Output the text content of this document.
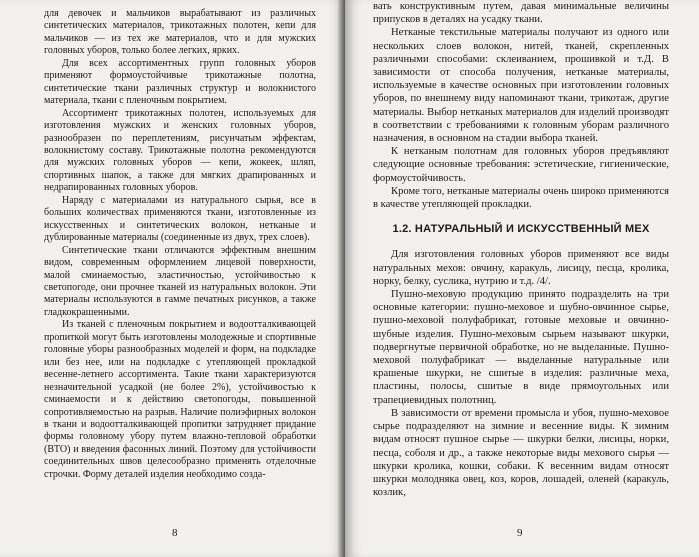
для девочек и мальчиков вырабатывают из различных синтетических материалов, трикотажных полотен, кепи для мальчиков — из тех же материалов, что и для мужских головных уборов, только более легких, ярких.

Для всех ассортиментных групп головных уборов применяют формоустойчивые трикотажные полотна, синтетические ткани различных структур и волокнистого материала, ткани с пленочным покрытием.

Ассортимент трикотажных полотен, используемых для изготовления мужских и женских головных уборов, разнообразен по переплетениям, рисунчатым эффектам, волокнистому составу. Трикотажные полотна рекомендуются для мужских головных уборов — кепи, жокеек, шляп, спортивных шапок, а также для мягких драпированных и недрапированных головных уборов.

Наряду с материалами из натурального сырья, все в больших количествах применяются ткани, изготовленные из искусственных и синтетических волокон, нетканые и дублированные материалы (соединенные из двух, трех слоев).

Синтетические ткани отличаются эффектным внешним видом, современным оформлением лицевой поверхности, малой сминаемостью, эластичностью, устойчивостью к светопогоде, они прочнее тканей из натуральных волокон. Эти материалы используются в гамме печатных рисунков, а также гладкокрашенными.

Из тканей с пленочным покрытием и водоотталкивающей пропиткой могут быть изготовлены молодежные и спортивные головные уборы разнообразных моделей и форм, на подкладке или без нее, или на подкладке с утепляющей прокладкой весенне-летнего ассортимента. Такие ткани характеризуются незначительной усадкой (не более 2%), устойчивостью к сминаемости и к действию светопогоды, повышенной сопротивляемостью на разрыв. Наличие полиэфирных волокон в ткани и водоотталкивающей пропитки затрудняет придание формы головному убору путем влажно-тепловой обработки (ВТО) и введения фасонных линий. Поэтому для устойчивости соединительных швов целесообразно применять отделочные строчки. Форму деталей изделия необходимо созда-

8

вать конструктивным путем, давая минимальные величины припусков в деталях на усадку ткани.

Нетканые текстильные материалы получают из одного или нескольких слоев волокон, нитей, тканей, скрепленных различными способами: склеиванием, прошивкой и т.Д. В зависимости от способа получения, нетканые материалы, используемые в качестве основных при изготовлении головных уборов, по внешнему виду напоминают ткани, трикотаж, другие материалы. Выбор нетканых материалов для изделий производят в соответствии с требованиями к головным уборам различного назначения, в основном на стадии выбора тканей.

К нетканым полотнам для головных уборов предъявляют следующие основные требования: эстетические, гигиенические, формоустойчивость.

Кроме того, нетканые материалы очень широко применяются в качестве утепляющей прокладки.

1.2. НАТУРАЛЬНЫЙ И ИСКУССТВЕННЫЙ МЕХ

Для изготовления головных уборов применяют все виды натуральных мехов: овчину, каракуль, лисицу, песца, кролика, норку, белку, суслика, нутрию и т.д. /4/.

Пушно-меховую продукцию принято подразделять на три основные категории: пушно-меховое и шубно-овчинное сырье, пушно-меховой полуфабрикат, готовые меховые и овчинно-шубные изделия. Пушно-меховым сырьем называют шкурки, подвергнутые первичной обработке, но не выделанные. Пушно-меховой полуфабрикат — выделанные натуральные или крашеные шкурки, не сшитые в изделия: различные меха, пластины, полосы, сшитые в виде прямоугольных или трапециевидных полотниц.

В зависимости от времени промысла и убоя, пушно-меховое сырье подразделяют на зимние и весенние виды. К зимним видам относят пушное сырье — шкурки белки, лисицы, норки, песца, соболя и др., а также некоторые виды мехового сырья — шкурки кролика, кошки, собаки. К весенним видам относят шкурки молодняка овец, коз, коров, лошадей, оленей (каракуль, козлик,

9
